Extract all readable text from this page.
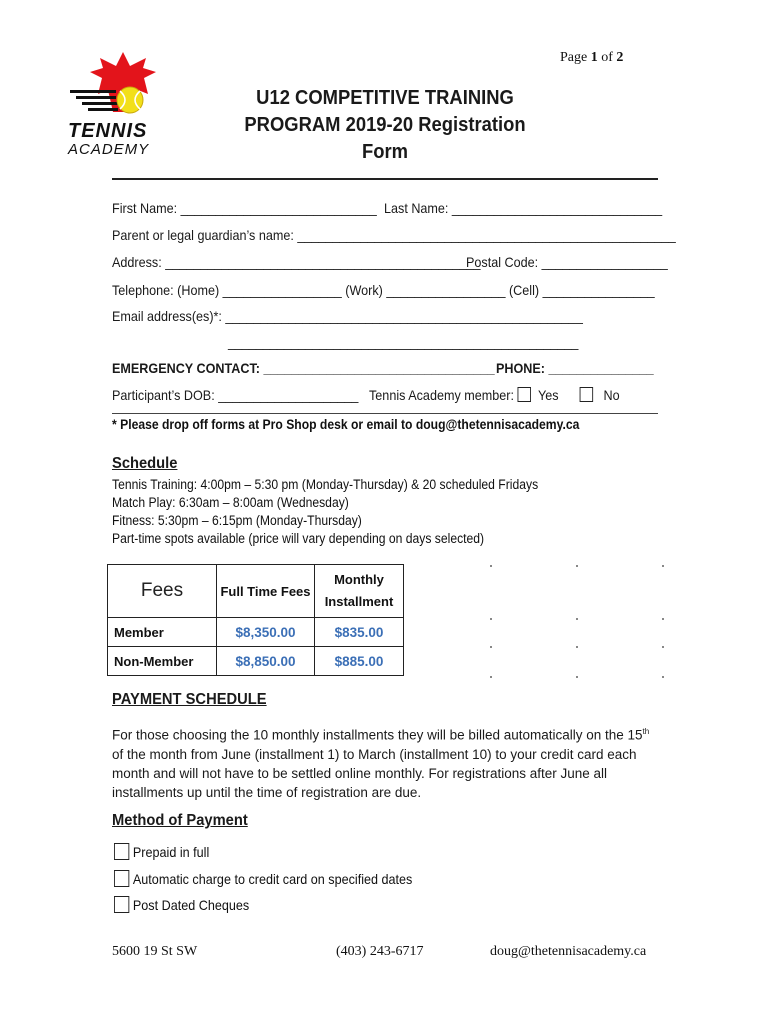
Page 1 of 2
TENNIS
ACADEMY
U12 COMPETITIVE TRAINING
PROGRAM 2019-20 Registration
Form
First Name: ____________________________ Last Name: ______________________________
Parent or legal guardian’s name: ______________________________________________________
Address: _____________________________________________
Postal Code: __________________
Telephone: (Home) _________________ (Work) _________________ (Cell) ________________
Email address(es)*: ___________________________________________________
__________________________________________________
EMERGENCY CONTACT: _________________________________ PHONE: _______________
Participant’s DOB: ____________________ Tennis Academy member: Yes	No
* Please drop off forms at Pro Shop desk or email to doug@thetennisacademy.ca
Schedule
Tennis Training: 4:00pm – 5:30 pm (Monday-Thursday) & 20 scheduled Fridays
Match Play: 6:30am – 8:00am (Wednesday)
Fitness: 5:30pm – 6:15pm (Monday-Thursday)
Part-time spots available (price will vary depending on days selected)
Fees	Full Time Fees	Monthly
Installment

Member	$8,350.00	$835.00
Non-Member	$8,850.00	$885.00
PAYMENT SCHEDULE
For those choosing the 10 monthly installments they will be billed automatically on the 15th of the month from June (installment 1) to March (installment 10) to your credit card each month and will not have to be settled online monthly. For registrations after June all installments up until the time of registration are due.
Method of Payment
Prepaid in full
Automatic charge to credit card on specified dates
Post Dated Cheques
5600 19 St SW	(403) 243-6717	doug@thetennisacademy.ca
